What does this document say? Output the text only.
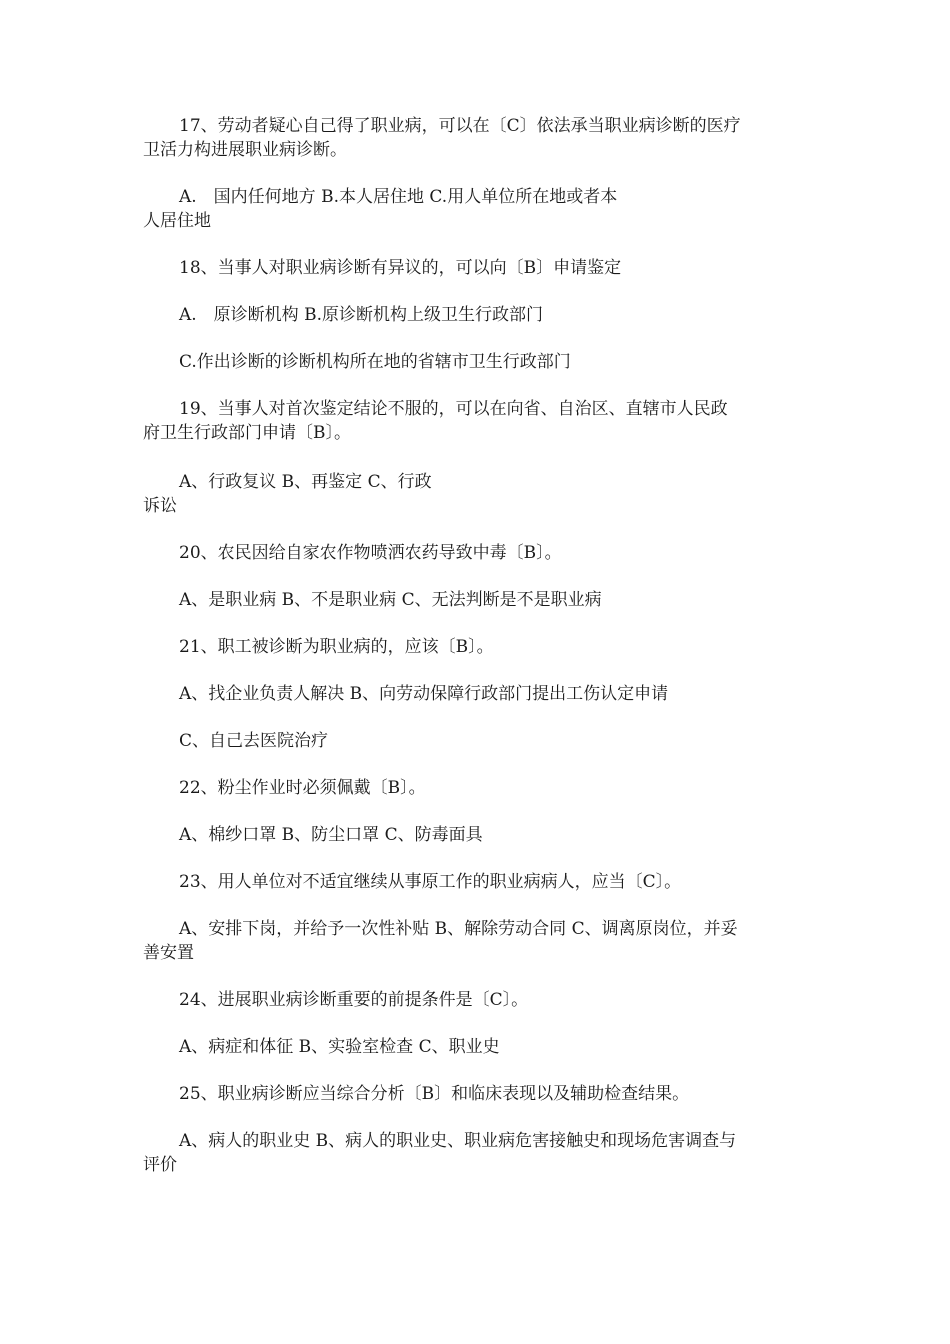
17、劳动者疑心自己得了职业病，可以在〔C〕依法承当职业病诊断的医疗
卫活力构进展职业病诊断。
A.　国内任何地方 B.本人居住地 C.用人单位所在地或者本
人居住地
18、当事人对职业病诊断有异议的，可以向〔B〕申请鉴定
A.　原诊断机构 B.原诊断机构上级卫生行政部门
C.作出诊断的诊断机构所在地的省辖市卫生行政部门
19、当事人对首次鉴定结论不服的，可以在向省、自治区、直辖市人民政
府卫生行政部门申请〔B〕。
A、行政复议 B、再鉴定 C、行政
诉讼
20、农民因给自家农作物喷洒农药导致中毒〔B〕。
A、是职业病 B、不是职业病 C、无法判断是不是职业病
21、职工被诊断为职业病的，应该〔B〕。
A、找企业负责人解决 B、向劳动保障行政部门提出工伤认定申请
C、自己去医院治疗
22、粉尘作业时必须佩戴〔B〕。
A、棉纱口罩 B、防尘口罩 C、防毒面具
23、用人单位对不适宜继续从事原工作的职业病病人，应当〔C〕。
A、安排下岗，并给予一次性补贴 B、解除劳动合同 C、调离原岗位，并妥
善安置
24、进展职业病诊断重要的前提条件是〔C〕。
A、病症和体征 B、实验室检查 C、职业史
25、职业病诊断应当综合分析〔B〕和临床表现以及辅助检查结果。
A、病人的职业史 B、病人的职业史、职业病危害接触史和现场危害调查与
评价
